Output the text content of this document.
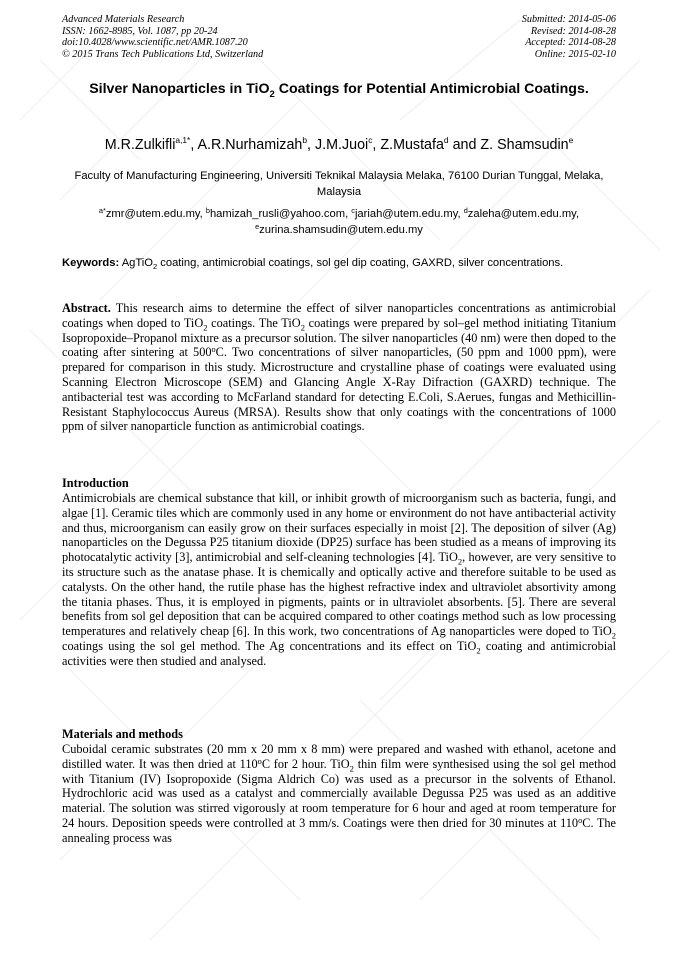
Advanced Materials Research
ISSN: 1662-8985, Vol. 1087, pp 20-24
doi:10.4028/www.scientific.net/AMR.1087.20
© 2015 Trans Tech Publications Ltd, Switzerland
Submitted: 2014-05-06
Revised: 2014-08-28
Accepted: 2014-08-28
Online: 2015-02-10
Silver Nanoparticles in TiO$_2$ Coatings for Potential Antimicrobial Coatings.
M.R.Zulkifli$^{a,1*}$, A.R.Nurhamizah$^b$, J.M.Juoi$^c$, Z.Mustafa$^d$ and Z. Shamsudin$^e$
Faculty of Manufacturing Engineering, Universiti Teknikal Malaysia Melaka, 76100 Durian Tunggal, Melaka, Malaysia
$^{a*}$zmr@utem.edu.my, $^b$hamizah_rusli@yahoo.com, $^c$jariah@utem.edu.my, $^d$zaleha@utem.edu.my, $^e$zurina.shamsudin@utem.edu.my
Keywords: AgTiO$_2$ coating, antimicrobial coatings, sol gel dip coating, GAXRD, silver concentrations.
Abstract. This research aims to determine the effect of silver nanoparticles concentrations as antimicrobial coatings when doped to TiO$_2$ coatings. The TiO$_2$ coatings were prepared by sol–gel method initiating Titanium Isopropoxide–Propanol mixture as a precursor solution. The silver nanoparticles (40 nm) were then doped to the coating after sintering at 500$^o$C. Two concentrations of silver nanoparticles, (50 ppm and 1000 ppm), were prepared for comparison in this study. Microstructure and crystalline phase of coatings were evaluated using Scanning Electron Microscope (SEM) and Glancing Angle X-Ray Difraction (GAXRD) technique. The antibacterial test was according to McFarland standard for detecting E.Coli, S.Aerues, fungas and Methicillin-Resistant Staphylococcus Aureus (MRSA). Results show that only coatings with the concentrations of 1000 ppm of silver nanoparticle function as antimicrobial coatings.
Introduction
Antimicrobials are chemical substance that kill, or inhibit growth of microorganism such as bacteria, fungi, and algae [1]. Ceramic tiles which are commonly used in any home or environment do not have antibacterial activity and thus, microorganism can easily grow on their surfaces especially in moist [2]. The deposition of silver (Ag) nanoparticles on the Degussa P25 titanium dioxide (DP25) surface has been studied as a means of improving its photocatalytic activity [3], antimicrobial and self-cleaning technologies [4]. TiO$_2$, however, are very sensitive to its structure such as the anatase phase. It is chemically and optically active and therefore suitable to be used as catalysts. On the other hand, the rutile phase has the highest refractive index and ultraviolet absortivity among the titania phases. Thus, it is employed in pigments, paints or in ultraviolet absorbents. [5]. There are several benefits from sol gel deposition that can be acquired compared to other coatings method such as low processing temperatures and relatively cheap [6]. In this work, two concentrations of Ag nanoparticles were doped to TiO$_2$ coatings using the sol gel method. The Ag concentrations and its effect on TiO$_2$ coating and antimicrobial activities were then studied and analysed.
Materials and methods
Cuboidal ceramic substrates (20 mm x 20 mm x 8 mm) were prepared and washed with ethanol, acetone and distilled water. It was then dried at 110$^o$C for 2 hour. TiO$_2$ thin film were synthesised using the sol gel method with Titanium (IV) Isopropoxide (Sigma Aldrich Co) was used as a precursor in the solvents of Ethanol. Hydrochloric acid was used as a catalyst and commercially available Degussa P25 was used as an additive material. The solution was stirred vigorously at room temperature for 6 hour and aged at room temperature for 24 hours. Deposition speeds were controlled at 3 mm/s. Coatings were then dried for 30 minutes at 110$^o$C. The annealing process was
